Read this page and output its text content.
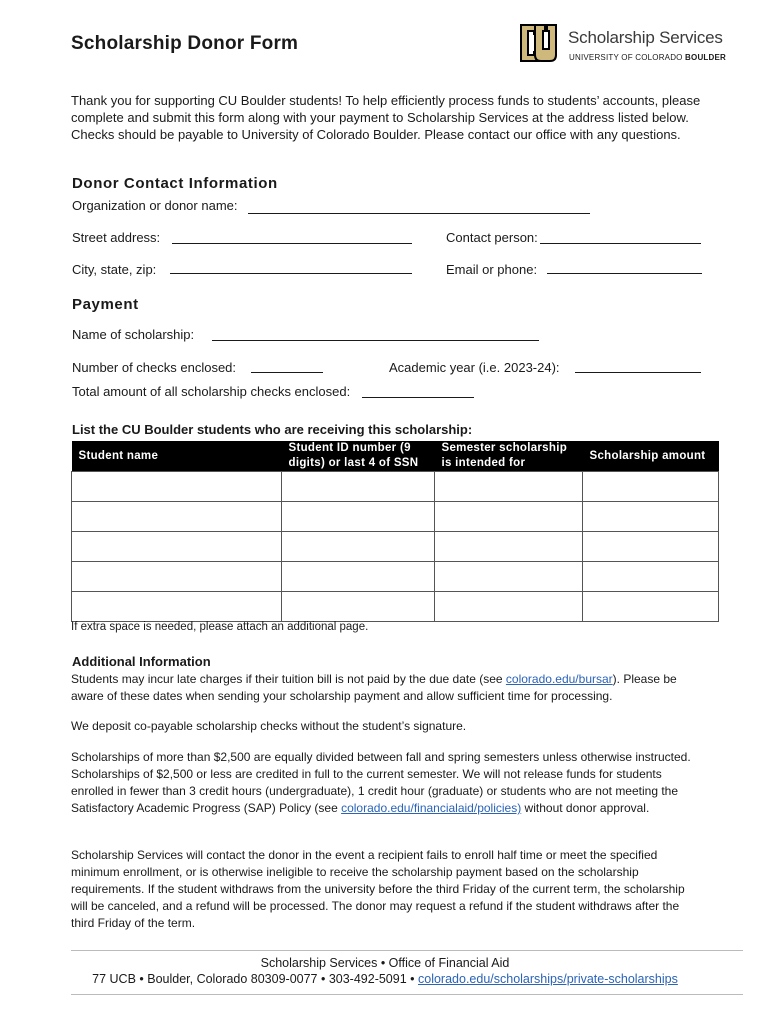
Scholarship Donor Form	Scholarship Services
UNIVERSITY OF COLORADO BOULDER
Thank you for supporting CU Boulder students! To help efficiently process funds to students’ accounts, please complete and submit this form along with your payment to Scholarship Services at the address listed below. Checks should be payable to University of Colorado Boulder. Please contact our office with any questions.
Donor Contact Information
Organization or donor name:
Street address:	Contact person:
City, state, zip:	Email or phone:
Payment
Name of scholarship:
Number of checks enclosed:	Academic year (i.e. 2023-24):
Total amount of all scholarship checks enclosed:
List the CU Boulder students who are receiving this scholarship:
Student name	Student ID number (9 digits) or last 4 of SSN	Semester scholarship is intended for	Scholarship amount

If extra space is needed, please attach an additional page.
Additional Information
Students may incur late charges if their tuition bill is not paid by the due date (see colorado.edu/bursar). Please be aware of these dates when sending your scholarship payment and allow sufficient time for processing.
We deposit co-payable scholarship checks without the student’s signature.
Scholarships of more than $2,500 are equally divided between fall and spring semesters unless otherwise instructed. Scholarships of $2,500 or less are credited in full to the current semester. We will not release funds for students enrolled in fewer than 3 credit hours (undergraduate), 1 credit hour (graduate) or students who are not meeting the Satisfactory Academic Progress (SAP) Policy (see colorado.edu/financialaid/policies) without donor approval.
Scholarship Services will contact the donor in the event a recipient fails to enroll half time or meet the specified minimum enrollment, or is otherwise ineligible to receive the scholarship payment based on the scholarship requirements. If the student withdraws from the university before the third Friday of the current term, the scholarship will be canceled, and a refund will be processed. The donor may request a refund if the student withdraws after the third Friday of the term.
Scholarship Services • Office of Financial Aid
77 UCB • Boulder, Colorado 80309-0077 • 303-492-5091 • colorado.edu/scholarships/private-scholarships
